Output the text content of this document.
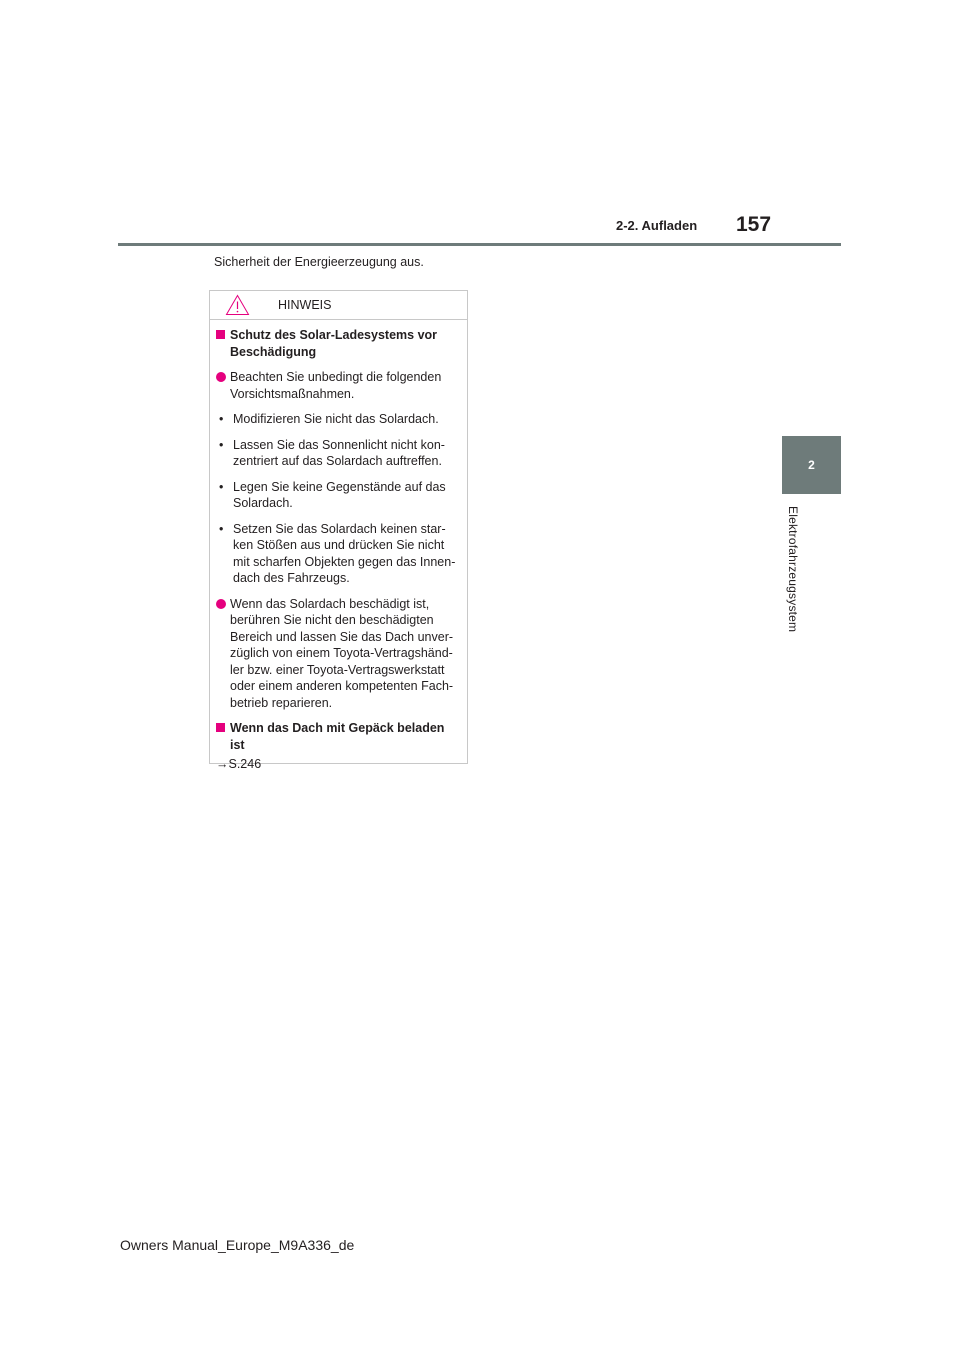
2-2. Aufladen 157
2
Elektrofahrzeugsystem
Sicherheit der Energieerzeugung aus.
HINWEIS
Schutz des Solar-Ladesystems vor Beschädigung
Beachten Sie unbedingt die folgenden Vorsichtsmaßnahmen.
• Modifizieren Sie nicht das Solardach.
• Lassen Sie das Sonnenlicht nicht kon-zentriert auf das Solardach auftreffen.
• Legen Sie keine Gegenstände auf das Solardach.
• Setzen Sie das Solardach keinen star-ken Stößen aus und drücken Sie nicht mit scharfen Objekten gegen das Innen-dach des Fahrzeugs.
Wenn das Solardach beschädigt ist, berühren Sie nicht den beschädigten Bereich und lassen Sie das Dach unver-züglich von einem Toyota-Vertragshänd-ler bzw. einer Toyota-Vertragswerkstatt oder einem anderen kompetenten Fach-betrieb reparieren.
Wenn das Dach mit Gepäck beladen ist
→ S.246
Owners Manual_Europe_M9A336_de
